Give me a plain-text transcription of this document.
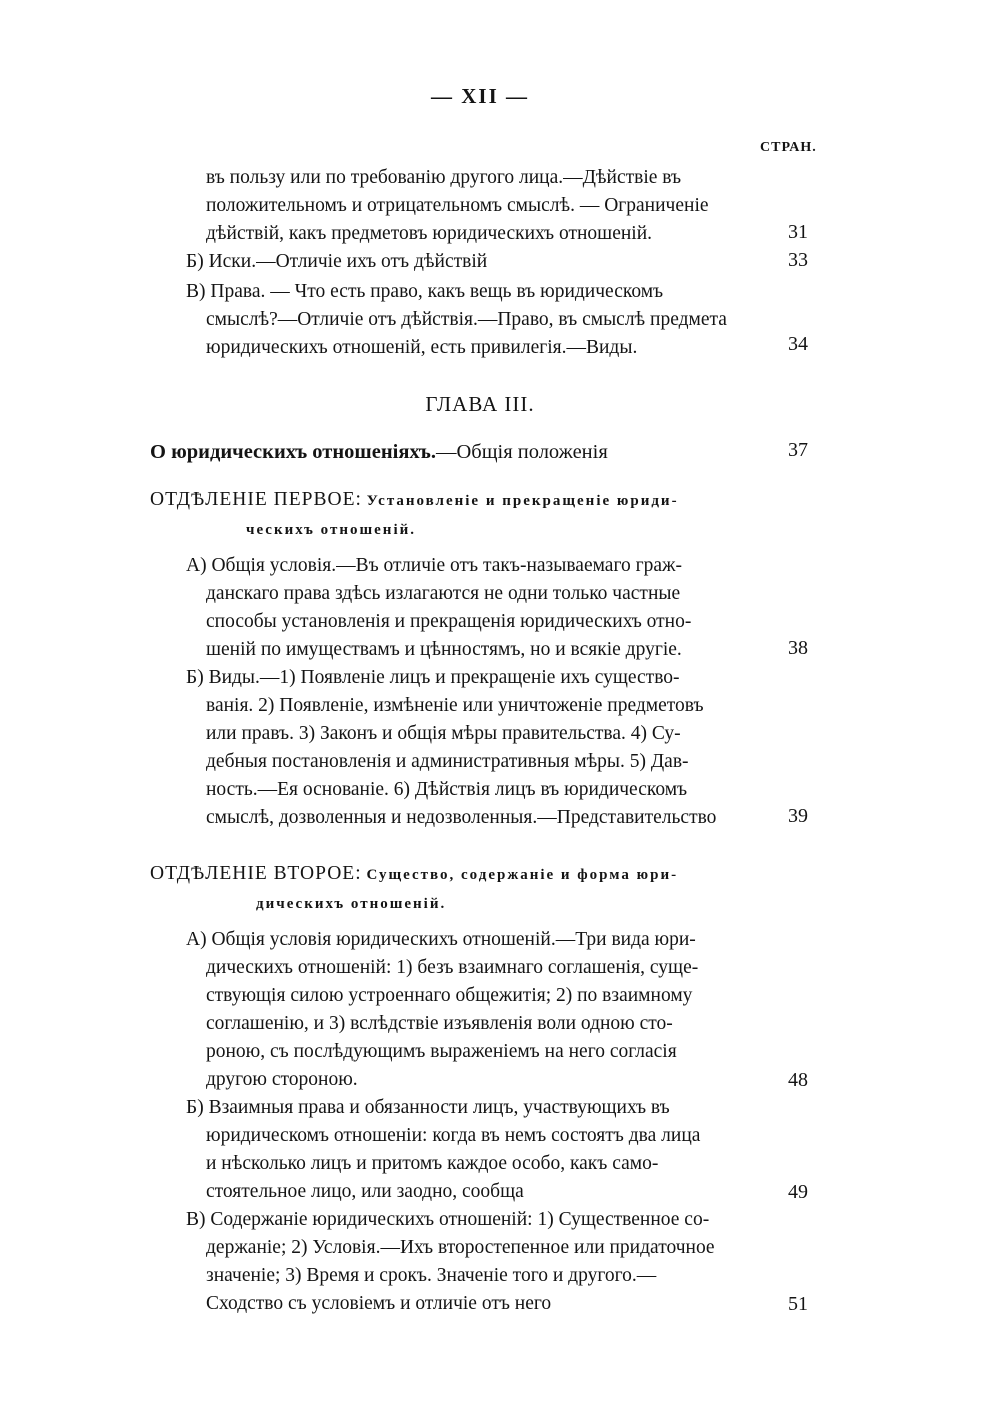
— XII —
СТРАН.
въ пользу или по требованію другого лица.—Дѣйствіе въ
положительномъ и отрицательномъ смыслѣ. — Ограниченіе
дѣйствій, какъ предметовъ юридическихъ отношеній.	31
Б) Иски.—Отличіе ихъ отъ дѣйствій	33
В) Права. — Что есть право, какъ вещь въ юридическомъ
смыслѣ?—Отличіе отъ дѣйствія.—Право, въ смыслѣ предмета
юридическихъ отношеній, есть привилегія.—Виды.	34
ГЛАВА III.
О юридическихъ отношеніяхъ.—Общія положенія	37
ОТДѢЛЕНІЕ ПЕРВОЕ: Установленіе и прекращеніе юриди-
ческихъ отношеній.
А) Общія условія.—Въ отличіе отъ такъ-называемаго граж-
данскаго права здѣсь излагаются не одни только частные
способы установленія и прекращенія юридическихъ отно-
шеній по имуществамъ и цѣнностямъ, но и всякіе другіе.	38
Б) Виды.—1) Появленіе лицъ и прекращеніе ихъ существо-
ванія. 2) Появленіе, измѣненіе или уничтоженіе предметовъ
или правъ. 3) Законъ и общія мѣры правительства. 4) Су-
дебныя постановленія и административныя мѣры. 5) Дав-
ность.—Ея основаніе. 6) Дѣйствія лицъ въ юридическомъ
смыслѣ, дозволенныя и недозволенныя.—Представительство	39
ОТДѢЛЕНІЕ ВТОРОЕ: Существо, содержаніе и форма юри-
дическихъ отношеній.
А) Общія условія юридическихъ отношеній.—Три вида юри-
дическихъ отношеній: 1) безъ взаимнаго соглашенія, суще-
ствующія силою устроеннаго общежитія; 2) по взаимному
соглашенію, и 3) вслѣдствіе изъявленія воли одною сто-
роною, съ послѣдующимъ выраженіемъ на него согласія
другою стороною.	48
Б) Взаимныя права и обязанности лицъ, участвующихъ въ
юридическомъ отношеніи: когда въ немъ состоятъ два лица
и нѣсколько лицъ и притомъ каждое особо, какъ само-
стоятельное лицо, или заодно, сообща	49
В) Содержаніе юридическихъ отношеній: 1) Существенное со-
держаніе; 2) Условія.—Ихъ второстепенное или придаточное
значеніе; 3) Время и срокъ. Значеніе того и другого.—
Сходство съ условіемъ и отличіе отъ него	51
